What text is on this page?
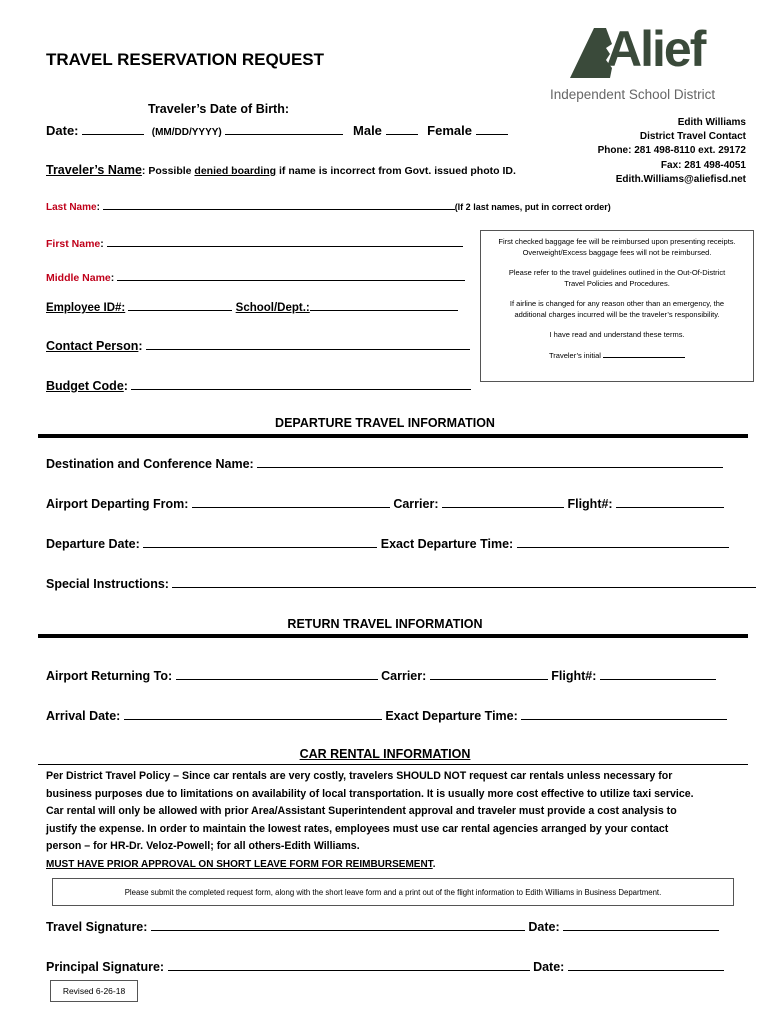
TRAVEL RESERVATION REQUEST	Alief
Independent School District
Edith Williams
District Travel Contact
Phone: 281 498-8110 ext. 29172
Fax: 281 498-4051
Edith.Williams@aliefisd.net
Traveler’s Date of Birth:
Date:	(MM/DD/YYYY)	Male	Female
Traveler’s Name: Possible denied boarding if name is incorrect from Govt. issued photo ID.
Last Name:	(If 2 last names, put in correct order)
First Name:
Middle Name:
Employee ID#:	School/Dept.:
Contact Person:
Budget Code:

First checked baggage fee will be reimbursed upon presenting receipts.

Overweight/Excess baggage fees will not be reimbursed.

Please refer to the travel guidelines outlined in the Out-Of-District

Travel Policies and Procedures.

If airline is changed for any reason other than an emergency, the

additional charges incurred will be the traveler’s responsibility.

I have read and understand these terms.

Traveler’s initial

DEPARTURE TRAVEL INFORMATION
Destination and Conference Name:
Airport Departing From:	Carrier:	Flight#:
Departure Date:	Exact Departure Time:
Special Instructions:
RETURN TRAVEL INFORMATION
Airport Returning To:	Carrier:	Flight#:
Arrival Date:	Exact Departure Time:
CAR RENTAL INFORMATION
Per District Travel Policy – Since car rentals are very costly, travelers SHOULD NOT request car rentals unless necessary for
business purposes due to limitations on availability of local transportation. It is usually more cost effective to utilize taxi service.
Car rental will only be allowed with prior Area/Assistant Superintendent approval and traveler must provide a cost analysis to
justify the expense. In order to maintain the lowest rates, employees must use car rental agencies arranged by your contact
person – for HR-Dr. Veloz-Powell; for all others-Edith Williams.
MUST HAVE PRIOR APPROVAL ON SHORT LEAVE FORM FOR REIMBURSEMENT.
Please submit the completed request form, along with the short leave form and a print out of the flight information to Edith Williams in Business Department.
Travel Signature:	Date:
Principal Signature:	Date:
Revised 6-26-18
